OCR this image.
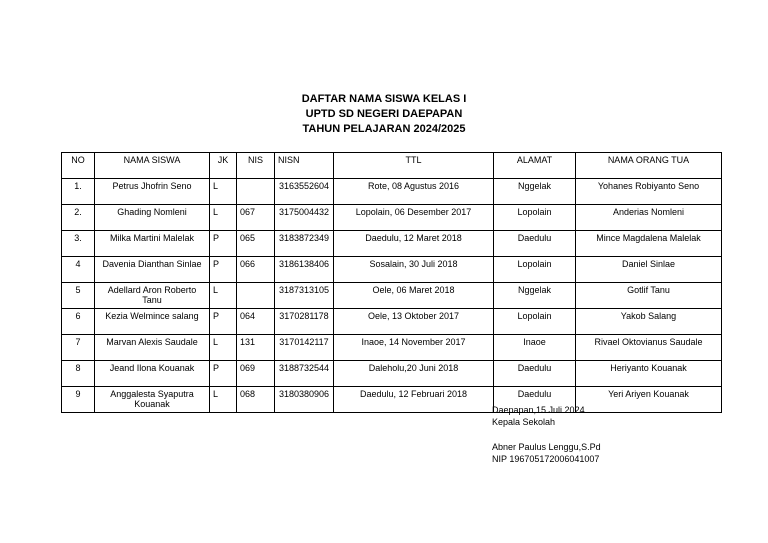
DAFTAR NAMA SISWA KELAS I
UPTD SD NEGERI DAEPAPAN
TAHUN PELAJARAN 2024/2025
NO	NAMA SISWA	JK	NIS	NISN	TTL	ALAMAT	NAMA ORANG TUA
1.	Petrus Jhofrin Seno	L		3163552604	Rote, 08 Agustus 2016	Nggelak	Yohanes Robiyanto Seno
2.	Ghading Nomleni	L	067	3175004432	Lopolain, 06 Desember 2017	Lopolain	Anderias Nomleni
3.	Milka Martini Malelak	P	065	3183872349	Daedulu, 12 Maret 2018	Daedulu	Mince Magdalena Malelak
4	Davenia Dianthan Sinlae	P	066	3186138406	Sosalain, 30 Juli 2018	Lopolain	Daniel Sinlae
5	Adellard Aron Roberto Tanu	L		3187313105	Oele, 06 Maret 2018	Nggelak	Gotlif Tanu
6	Kezia Welmince salang	P	064	3170281178	Oele, 13 Oktober 2017	Lopolain	Yakob Salang
7	Marvan Alexis Saudale	L	131	3170142117	Inaoe, 14 November 2017	Inaoe	Rivael Oktovianus Saudale
8	Jeand Ilona Kouanak	P	069	3188732544	Daleholu,20 Juni 2018	Daedulu	Heriyanto Kouanak
9	Anggalesta Syaputra Kouanak	L	068	3180380906	Daedulu, 12 Februari 2018	Daedulu	Yeri Ariyen Kouanak
Daepapan,15 Juli 2024
Kepala Sekolah
Abner Paulus Lenggu,S.Pd
NIP 196705172006041007
